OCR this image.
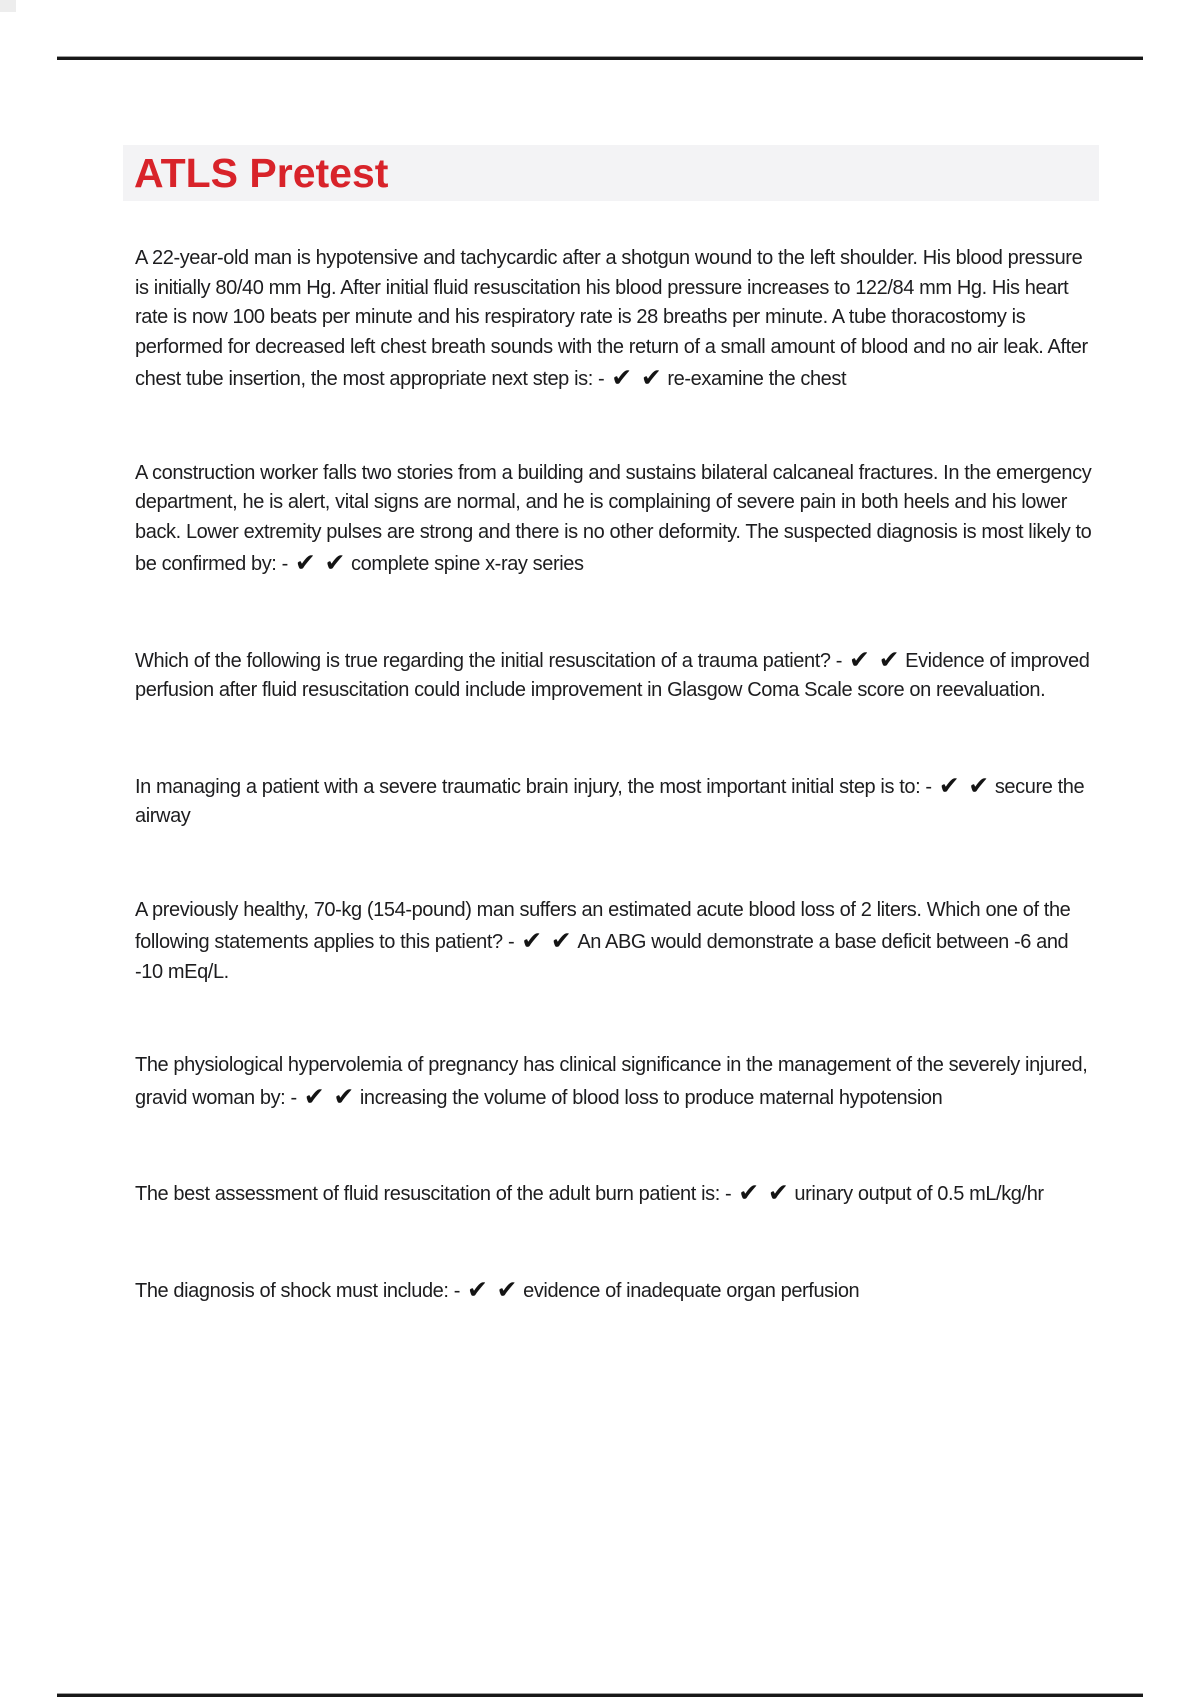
ATLS Pretest

A 22-year-old man is hypotensive and tachycardic after a shotgun wound to the left shoulder. His blood pressure is initially 80/40 mm Hg. After initial fluid resuscitation his blood pressure increases to 122/84 mm Hg. His heart rate is now 100 beats per minute and his respiratory rate is 28 breaths per minute. A tube thoracostomy is performed for decreased left chest breath sounds with the return of a small amount of blood and no air leak. After chest tube insertion, the most appropriate next step is: - ✔ ✔ re-examine the chest

A construction worker falls two stories from a building and sustains bilateral calcaneal fractures. In the emergency department, he is alert, vital signs are normal, and he is complaining of severe pain in both heels and his lower back. Lower extremity pulses are strong and there is no other deformity. The suspected diagnosis is most likely to be confirmed by: - ✔ ✔ complete spine x-ray series

Which of the following is true regarding the initial resuscitation of a trauma patient? - ✔ ✔ Evidence of improved perfusion after fluid resuscitation could include improvement in Glasgow Coma Scale score on reevaluation.

In managing a patient with a severe traumatic brain injury, the most important initial step is to: - ✔ ✔ secure the airway

A previously healthy, 70-kg (154-pound) man suffers an estimated acute blood loss of 2 liters. Which one of the following statements applies to this patient? - ✔ ✔ An ABG would demonstrate a base deficit between -6 and -10 mEq/L.

The physiological hypervolemia of pregnancy has clinical significance in the management of the severely injured, gravid woman by: - ✔ ✔ increasing the volume of blood loss to produce maternal hypotension

The best assessment of fluid resuscitation of the adult burn patient is: - ✔ ✔ urinary output of 0.5 mL/kg/hr

The diagnosis of shock must include: - ✔ ✔ evidence of inadequate organ perfusion
